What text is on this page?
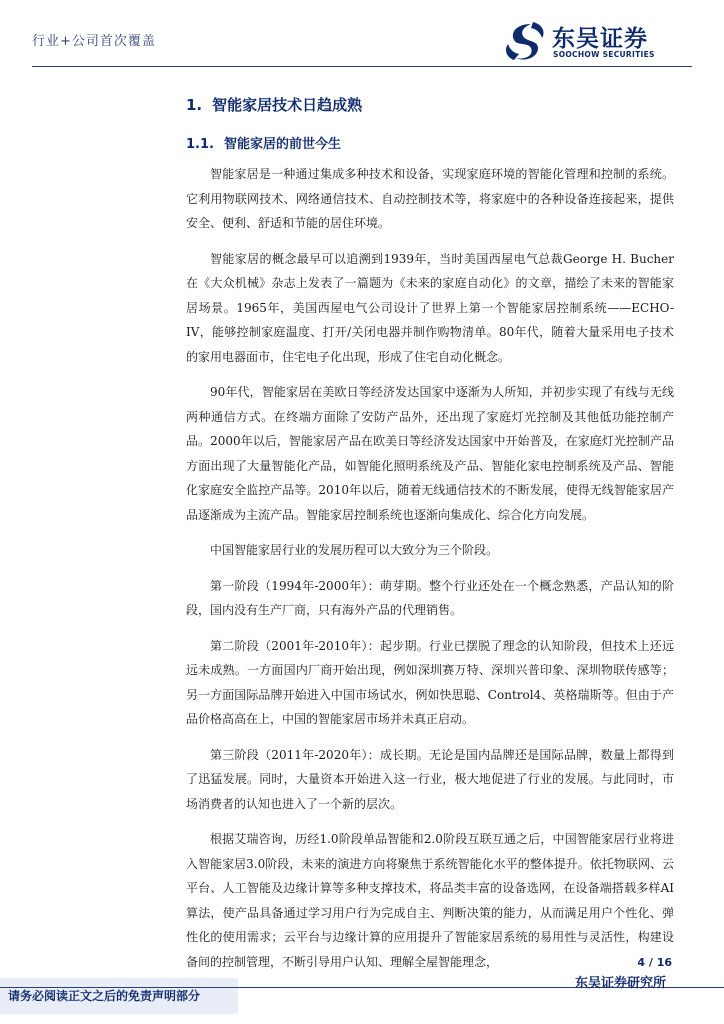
行业+公司首次覆盖	东吴证券
SOOCHOW SECURITIES
1. 智能家居技术日趋成熟
1.1. 智能家居的前世今生

智能家居是一种通过集成多种技术和设备，实现家庭环境的智能化管理和控制的系统。它利用物联网技术、网络通信技术、自动控制技术等，将家庭中的各种设备连接起来，提供安全、便利、舒适和节能的居住环境。

智能家居的概念最早可以追溯到1939年，当时美国西屋电气总裁George H. Bucher在《大众机械》杂志上发表了一篇题为《未来的家庭自动化》的文章，描绘了未来的智能家居场景。1965年，美国西屋电气公司设计了世界上第一个智能家居控制系统——ECHO-IV，能够控制家庭温度、打开/关闭电器并制作购物清单。80年代，随着大量采用电子技术的家用电器面市，住宅电子化出现，形成了住宅自动化概念。

90年代，智能家居在美欧日等经济发达国家中逐渐为人所知，并初步实现了有线与无线两种通信方式。在终端方面除了安防产品外，还出现了家庭灯光控制及其他低功能控制产品。2000年以后，智能家居产品在欧美日等经济发达国家中开始普及，在家庭灯光控制产品方面出现了大量智能化产品，如智能化照明系统及产品、智能化家电控制系统及产品、智能化家庭安全监控产品等。2010年以后，随着无线通信技术的不断发展，使得无线智能家居产品逐渐成为主流产品。智能家居控制系统也逐渐向集成化、综合化方向发展。

中国智能家居行业的发展历程可以大致分为三个阶段。

第一阶段（1994年-2000年）：萌芽期。整个行业还处在一个概念熟悉，产品认知的阶段，国内没有生产厂商，只有海外产品的代理销售。

第二阶段（2001年-2010年）：起步期。行业已摆脱了理念的认知阶段，但技术上还远远未成熟。一方面国内厂商开始出现，例如深圳赛万特、深圳兴普印象、深圳物联传感等；另一方面国际品牌开始进入中国市场试水，例如快思聪、Control4、英格瑞斯等。但由于产品价格高高在上，中国的智能家居市场并未真正启动。

第三阶段（2011年-2020年）：成长期。无论是国内品牌还是国际品牌，数量上都得到了迅猛发展。同时，大量资本开始进入这一行业，极大地促进了行业的发展。与此同时，市场消费者的认知也进入了一个新的层次。

根据艾瑞咨询，历经1.0阶段单品智能和2.0阶段互联互通之后，中国智能家居行业将进入智能家居3.0阶段，未来的演进方向将聚焦于系统智能化水平的整体提升。依托物联网、云平台、人工智能及边缘计算等多种支撑技术，将品类丰富的设备选网，在设备端搭载多样AI算法，使产品具备通过学习用户行为完成自主、判断决策的能力，从而满足用户个性化、弹性化的使用需求；云平台与边缘计算的应用提升了智能家居系统的易用性与灵活性，构建设备间的控制管理，不断引导用户认知、理解全屋智能理念，	4 / 16
请务必阅读正文之后的免责声明部分
东吴证券研究所
